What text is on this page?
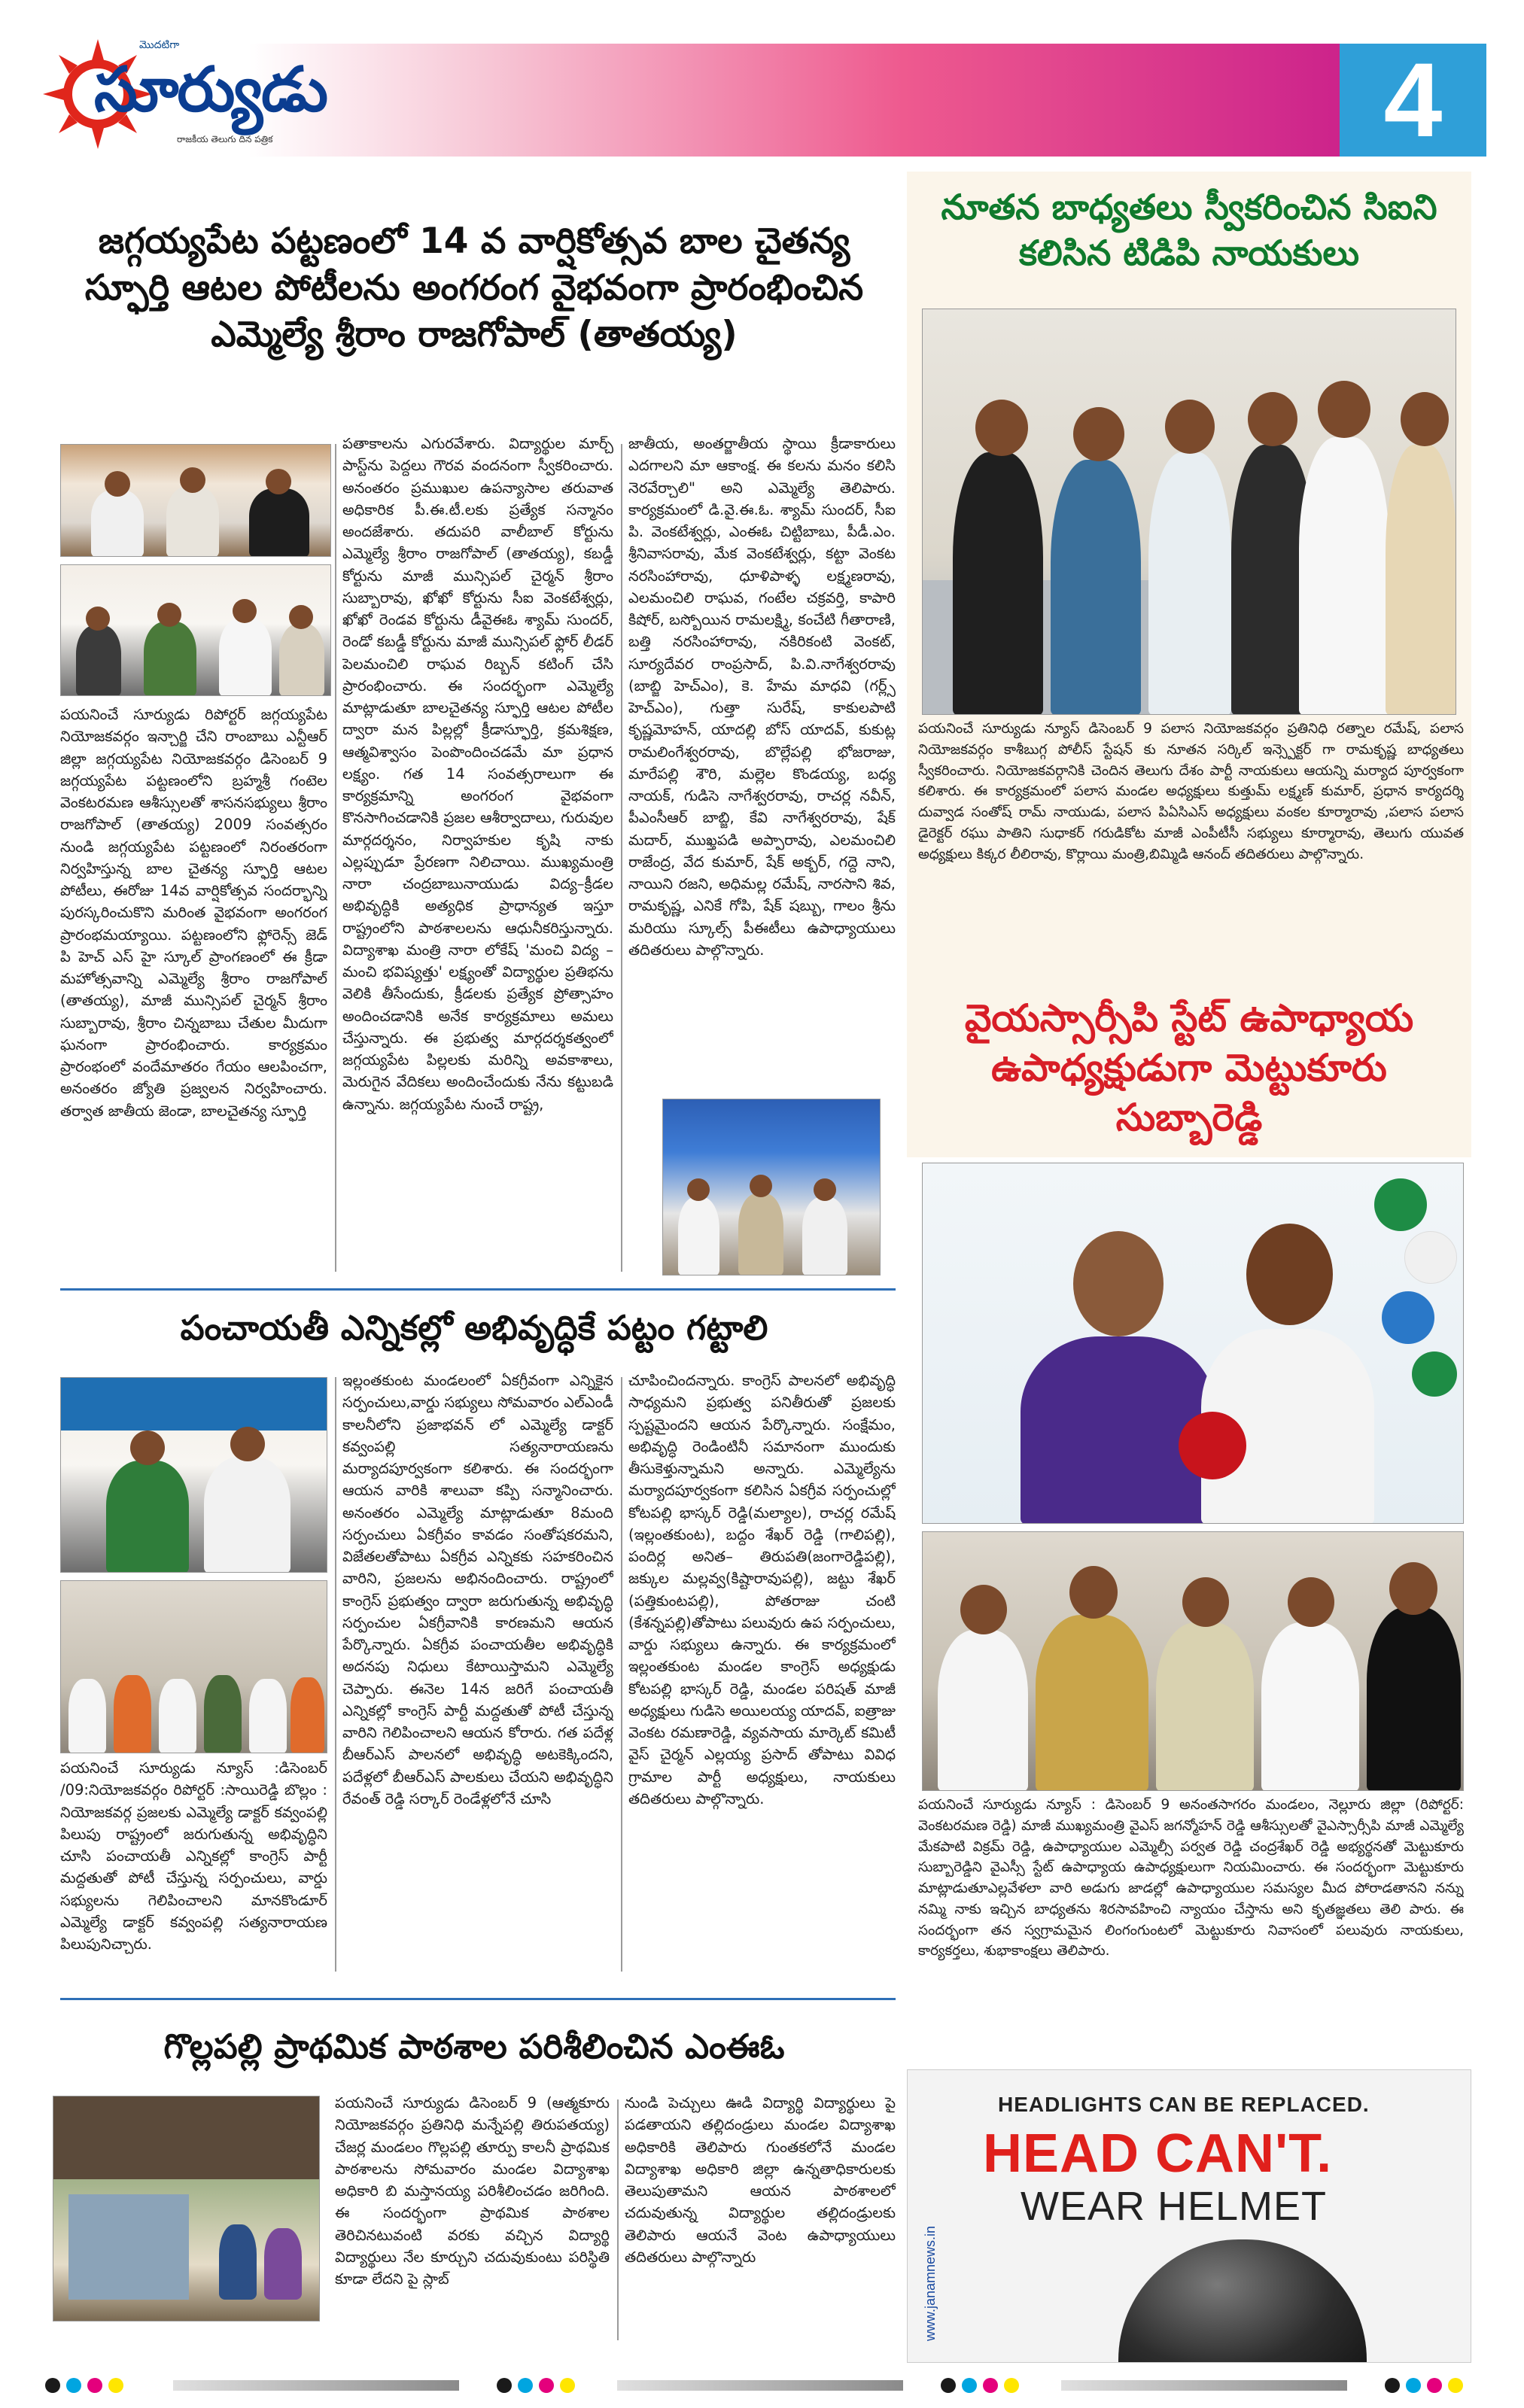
4
మొదటిగా
సూర్యుడు
రాజకీయ తెలుగు దిన పత్రిక
జగ్గయ్యపేట పట్టణంలో 14 వ వార్షికోత్సవ బాల చైతన్య స్ఫూర్తి ఆటల పోటీలను అంగరంగ వైభవంగా ప్రారంభించిన ఎమ్మెల్యే శ్రీరాం రాజగోపాల్ (తాతయ్య)
పయనించే సూర్యుడు రిపోర్టర్ జగ్గయ్యపేట నియోజకవర్గం ఇన్చార్జి చేని రాంబాబు ఎన్టీఆర్ జిల్లా జగ్గయ్యపేట నియోజకవర్గం డిసెంబర్ 9 జగ్గయ్యపేట పట్టణంలోని బ్రహ్మశ్రీ గంటెల వెంకటరమణ ఆశీస్సులతో శాసనసభ్యులు శ్రీరాం రాజగోపాల్ (తాతయ్య) 2009 సంవత్సరం నుండి జగ్గయ్యపేట పట్టణంలో నిరంతరంగా నిర్వహిస్తున్న బాల చైతన్య స్ఫూర్తి ఆటల పోటీలు, ఈరోజు 14వ వార్షికోత్సవ సందర్భాన్ని పురస్కరించుకొని మరింత వైభవంగా అంగరంగ ప్రారంభమయ్యాయి. పట్టణంలోని ఫ్లోరెన్స్ జెడ్ పి హెచ్ ఎస్ హై స్కూల్ ప్రాంగణంలో ఈ క్రీడా మహోత్సవాన్ని ఎమ్మెల్యే శ్రీరాం రాజగోపాల్ (తాతయ్య), మాజీ మున్సిపల్ చైర్మన్ శ్రీరాం సుబ్బారావు, శ్రీరాం చిన్నబాబు చేతుల మీదుగా ఘనంగా ప్రారంభించారు. కార్యక్రమం ప్రారంభంలో వందేమాతరం గేయం ఆలపించగా, అనంతరం జ్యోతి ప్రజ్వలన నిర్వహించారు. తర్వాత జాతీయ జెండా, బాలచైతన్య స్ఫూర్తి
పతాకాలను ఎగురవేశారు. విద్యార్థుల మార్చ్ పాస్ట్‌ను పెద్దలు గౌరవ వందనంగా స్వీకరించారు. అనంతరం ప్రముఖుల ఉపన్యాసాల తరువాత అధికారిక పీ.ఈ.టీ.లకు ప్రత్యేక సన్మానం అందజేశారు. తదుపరి వాలీబాల్ కోర్టును ఎమ్మెల్యే శ్రీరాం రాజగోపాల్ (తాతయ్య), కబడ్డీ కోర్టును మాజీ మున్సిపల్ చైర్మన్ శ్రీరాం సుబ్బారావు, ఖోఖో కోర్టును సీఐ వెంకటేశ్వర్లు, ఖోఖో రెండవ కోర్టును డీవైఈఓ శ్యామ్ సుందర్, రెండో కబడ్డీ కోర్టును మాజీ మున్సిపల్ ఫ్లోర్ లీడర్ పెలమంచిలి రాఘవ రిబ్బన్ కటింగ్ చేసి ప్రారంభించారు. ఈ సందర్భంగా ఎమ్మెల్యే మాట్లాడుతూ బాలచైతన్య స్ఫూర్తి ఆటల పోటీల ద్వారా మన పిల్లల్లో క్రీడాస్ఫూర్తి, క్రమశిక్షణ, ఆత్మవిశ్వాసం పెంపొందించడమే మా ప్రధాన లక్ష్యం. గత 14 సంవత్సరాలుగా ఈ కార్యక్రమాన్ని అంగరంగ వైభవంగా కొనసాగించడానికి ప్రజల ఆశీర్వాదాలు, గురువుల మార్గదర్శనం, నిర్వాహకుల కృషి నాకు ఎల్లప్పుడూ ప్రేరణగా నిలిచాయి. ముఖ్యమంత్రి నారా చంద్రబాబునాయుడు విద్య–క్రీడల అభివృద్ధికి అత్యధిక ప్రాధాన్యత ఇస్తూ రాష్ట్రంలోని పాఠశాలలను ఆధునీకరిస్తున్నారు. విద్యాశాఖ మంత్రి నారా లోకేష్ 'మంచి విద్య – మంచి భవిష్యత్తు' లక్ష్యంతో విద్యార్థుల ప్రతిభను వెలికి తీసేందుకు, క్రీడలకు ప్రత్యేక ప్రోత్సాహం అందించడానికి అనేక కార్యక్రమాలు అమలు చేస్తున్నారు. ఈ ప్రభుత్వ మార్గదర్శకత్వంలో జగ్గయ్యపేట పిల్లలకు మరిన్ని అవకాశాలు, మెరుగైన వేదికలు అందించేందుకు నేను కట్టుబడి ఉన్నాను. జగ్గయ్యపేట నుంచే రాష్ట్ర,
జాతీయ, అంతర్జాతీయ స్థాయి క్రీడాకారులు ఎదగాలని మా ఆకాంక్ష. ఈ కలను మనం కలిసి నెరవేర్చాలి" అని ఎమ్మెల్యే తెలిపారు. కార్యక్రమంలో డి.వై.ఈ.ఓ. శ్యామ్ సుందర్, సీఐ పి. వెంకటేశ్వర్లు, ఎంఈఓ చిట్టిబాబు, పీడీ.ఎం. శ్రీనివాసరావు, మేక వెంకటేశ్వర్లు, కట్టా వెంకట నరసింహారావు, ధూళిపాళ్ళ లక్ష్మణరావు, ఎలమంచిలి రాఘవ, గంటేల చక్రవర్తి, కాపారి కిషోర్, బస్బోయిన రామలక్ష్మి, కంచేటి గీతారాణి, బత్తి నరసింహారావు, నకిరికంటి వెంకట్, సూర్యదేవర రాంప్రసాద్, పి.వి.నాగేశ్వరరావు (బాబ్జి హెచ్ఎం), కె. హేమ మాధవి (గర్ల్స్ హెచ్ఎం), గుత్తా సురేష్, కాకులపాటి కృష్ణమోహన్, యాదల్లి బోస్ యాదవ్, కుకుట్ల రామలింగేశ్వరరావు, బొల్లేపల్లి భోజరాజు, మారేపల్లి శౌరి, మల్లెల కొండయ్య, బధ్య నాయక్, గుడిసె నాగేశ్వరరావు, రాచర్ల నవీన్, పీఎంసీఆర్ బాబ్జి, కేవి నాగేశ్వరరావు, షేక్ మదార్, ముఖ్తపడి అప్పారావు, ఎలమంచిలి రాజేంద్ర, వేద కుమార్, షేక్ అక్బర్, గద్దె నాని, నాయిని రజని, అధిమల్ల రమేష్, నారసాని శివ, రామకృష్ణ, ఎనికే గోపి, షేక్ షబ్బు, గాలం శ్రీను మరియు స్కూల్స్ పీఈటీలు ఉపాధ్యాయులు తదితరులు పాల్గొన్నారు.
పంచాయతీ ఎన్నికల్లో అభివృద్ధికే పట్టం గట్టాలి
పయనించే సూర్యుడు న్యూస్ :డిసెంబర్ /09:నియోజకవర్గం రిపోర్టర్ :సాయిరెడ్డి బొల్లం : నియోజకవర్గ ప్రజలకు ఎమ్మెల్యే డాక్టర్ కవ్వంపల్లి పిలుపు రాష్ట్రంలో జరుగుతున్న అభివృద్ధిని చూసి పంచాయతీ ఎన్నికల్లో కాంగ్రెస్ పార్టీ మద్దతుతో పోటీ చేస్తున్న సర్పంచులు, వార్డు సభ్యులను గెలిపించాలని మానకొండూర్ ఎమ్మెల్యే డాక్టర్ కవ్వంపల్లి సత్యనారాయణ పిలుపునిచ్చారు.
ఇల్లంతకుంట మండలంలో ఏకగ్రీవంగా ఎన్నికైన సర్పంచులు,వార్డు సభ్యులు సోమవారం ఎల్ఎండీ కాలనీలోని ప్రజాభవన్ లో ఎమ్మెల్యే డాక్టర్ కవ్వంపల్లి సత్యనారాయణను మర్యాదపూర్వకంగా కలిశారు. ఈ సందర్భంగా ఆయన వారికి శాలువా కప్పి సన్మానించారు. అనంతరం ఎమ్మెల్యే మాట్లాడుతూ 8మంది సర్పంచులు ఏకగ్రీవం కావడం సంతోషకరమని, విజేతలతోపాటు ఏకగ్రీవ ఎన్నికకు సహకరించిన వారిని, ప్రజలను అభినందించారు. రాష్ట్రంలో కాంగ్రెస్ ప్రభుత్వం ద్వారా జరుగుతున్న అభివృద్ధి సర్పంచుల ఏకగ్రీవానికి కారణమని ఆయన పేర్కొన్నారు. ఏకగ్రీవ పంచాయతీల అభివృద్ధికి అదనపు నిధులు కేటాయిస్తామని ఎమ్మెల్యే చెప్పారు. ఈనెల 14న జరిగే పంచాయతీ ఎన్నికల్లో కాంగ్రెస్ పార్టీ మద్దతుతో పోటీ చేస్తున్న వారిని గెలిపించాలని ఆయన కోరారు. గత పదేళ్ల బీఆర్ఎస్ పాలనలో అభివృద్ధి అటకెక్కిందని, పదేళ్లలో బీఆర్ఎస్ పాలకులు చేయని అభివృద్ధిని రేవంత్ రెడ్డి సర్కార్ రెండేళ్లలోనే చూసి
చూపించిందన్నారు. కాంగ్రెస్ పాలనలో అభివృద్ధి సాధ్యమని ప్రభుత్వ పనితీరుతో ప్రజలకు స్పష్టమైందని ఆయన పేర్కొన్నారు. సంక్షేమం, అభివృద్ధి రెండింటినీ సమానంగా ముందుకు తీసుకెళ్తున్నామని అన్నారు. ఎమ్మెల్యేను మర్యాదపూర్వకంగా కలిసిన ఏకగ్రీవ సర్పంచుల్లో కోటపల్లి భాస్కర్ రెడ్డి(మల్యాల), రాచర్ల రమేష్ (ఇల్లంతకుంట), బద్దం శేఖర్ రెడ్డి (గాలిపల్లి), పందిర్ల అనిత– తిరుపతి(జంగారెడ్డిపల్లి), జక్కుల మల్లవ్వ(కిష్టారావుపల్లి), జట్టు శేఖర్ (పత్తికుంటపల్లి), పోతరాజు చంటి (కేశన్నపల్లి)తోపాటు పలువురు ఉప సర్పంచులు, వార్డు సభ్యులు ఉన్నారు. ఈ కార్యక్రమంలో ఇల్లంతకుంట మండల కాంగ్రెస్ అధ్యక్షుడు కోటపల్లి భాస్కర్ రెడ్డి, మండల పరిషత్ మాజీ అధ్యక్షులు గుడిసె అయిలయ్య యాదవ్, ఐత్రాజు వెంకట రమణారెడ్డి, వ్యవసాయ మార్కెట్ కమిటీ వైస్ చైర్మన్ ఎల్లయ్య ప్రసాద్ తోపాటు వివిధ గ్రామాల పార్టీ అధ్యక్షులు, నాయకులు తదితరులు పాల్గొన్నారు.
గొల్లపల్లి ప్రాథమిక పాఠశాల పరిశీలించిన ఎంఈఓ
పయనించే సూర్యుడు డిసెంబర్ 9 (ఆత్మకూరు నియోజకవర్గం ప్రతినిధి మన్నేపల్లి తిరుపతయ్య) చేజర్ల మండలం గొల్లపల్లి తూర్పు కాలనీ ప్రాథమిక పాఠశాలను సోమవారం మండల విద్యాశాఖ అధికారి బి మస్తానయ్య పరిశీలించడం జరిగింది. ఈ సందర్భంగా ప్రాథమిక పాఠశాల తెరిచినటువంటి వరకు వచ్చిన విద్యార్థి విద్యార్థులు నేల కూర్చుని చదువుకుంటు పరిస్థితి కూడా లేదని పై స్లాబ్
నుండి పెచ్చులు ఊడి విద్యార్థి విద్యార్థులు పై పడతాయని తల్లిదండ్రులు మండల విద్యాశాఖ అధికారికి తెలిపారు గుంతకలోనే మండల విద్యాశాఖ అధికారి జిల్లా ఉన్నతాధికారులకు తెలుపుతామని ఆయన పాఠశాలలో చదువుతున్న విద్యార్థుల తల్లిదండ్రులకు తెలిపారు ఆయనే వెంట ఉపాధ్యాయులు తదితరులు పాల్గొన్నారు
నూతన బాధ్యతలు స్వీకరించిన సిఐని కలిసిన టిడిపి నాయకులు
పయనించే సూర్యుడు న్యూస్ డిసెంబర్ 9 పలాస నియోజకవర్గం ప్రతినిధి రత్నాల రమేష్, పలాస నియోజకవర్గం కాశీబుగ్గ పోలీస్ స్టేషన్ కు నూతన సర్కిల్ ఇన్స్పెక్టర్ గా రామకృష్ణ బాధ్యతలు స్వీకరించారు. నియోజకవర్గానికి చెందిన తెలుగు దేశం పార్టీ నాయకులు ఆయన్ని మర్యాద పూర్వకంగా కలిశారు. ఈ కార్యక్రమంలో పలాస మండల అధ్యక్షులు కుత్తుమ్ లక్ష్మణ్ కుమార్, ప్రధాన కార్యదర్శి దువ్వాడ సంతోష్ రామ్ నాయుడు, పలాస పిఏసిఎస్ అధ్యక్షులు వంకల కూర్మారావు ,పలాస పలాస డైరెక్టర్ రఘు పాతిని సుధాకర్ గరుడికోట మాజీ ఎంపీటీసీ సభ్యులు కూర్మారావు, తెలుగు యువత అధ్యక్షులు కిక్కర లీలిరావు, కొర్లాయి మంత్రి,బిమ్మిడి ఆనంద్ తదితరులు పాల్గొన్నారు.
వైయస్సార్సీపి స్టేట్ ఉపాధ్యాయ ఉపాధ్యక్షుడుగా మెట్టుకూరు సుబ్బారెడ్డి
పయనించే సూర్యుడు న్యూస్ : డిసెంబర్ 9 అనంతసాగరం మండలం, నెల్లూరు జిల్లా (రిపోర్టర్: వెంకటరమణ రెడ్డి) మాజీ ముఖ్యమంత్రి వైఎస్ జగన్మోహన్ రెడ్డి ఆశీస్సులతో వైఎస్సార్సీపి మాజీ ఎమ్మెల్యే మేకపాటి విక్రమ్ రెడ్డి, ఉపాధ్యాయుల ఎమ్మెల్సీ పర్వత రెడ్డి చంద్రశేఖర్ రెడ్డి అభ్యర్థనతో మెట్టుకూరు సుబ్బారెడ్డిని వైఎస్సీ స్టేట్ ఉపాధ్యాయ ఉపాధ్యక్షులుగా నియమించారు. ఈ సందర్భంగా మెట్టుకూరు మాట్లాడుతూఎల్లవేళలా వారి అడుగు జాడల్లో ఉపాధ్యాయుల సమస్యల మీద పోరాడతానని నన్ను నమ్మి నాకు ఇచ్చిన బాధ్యతను శిరసావహించి న్యాయం చేస్తాను అని కృతజ్ఞతలు తెలి పారు. ఈ సందర్భంగా తన స్వగ్రామమైన లింగంగుంటలో మెట్టుకూరు నివాసంలో పలువురు నాయకులు, కార్యకర్తలు, శుభాకాంక్షలు తెలిపారు.
www.janamnews.in
HEADLIGHTS CAN BE REPLACED.
HEAD CAN'T.
WEAR HELMET
